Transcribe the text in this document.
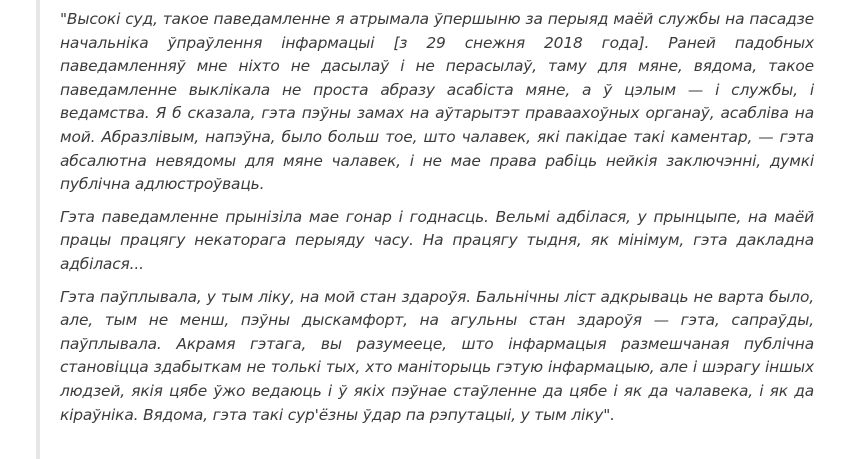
"Высокі суд, такое паведамленне я атрымала ўпершыню за перыяд маёй службы на пасадзе начальніка ўпраўлення інфармацыі [з 29 снежня 2018 года]. Раней падобных паведамленняў мне ніхто не дасылаў і не перасылаў, таму для мяне, вядома, такое паведамленне выклікала не проста абразу асабіста мяне, а ў цэлым — і службы, і ведамства. Я б сказала, гэта пэўны замах на аўтарытэт праваахоўных органаў, асабліва на мой. Абразлівым, напэўна, было больш тое, што чалавек, які пакідае такі каментар, — гэта абсалютна невядомы для мяне чалавек, і не мае права рабіць нейкія заключэнні, думкі публічна адлюстроўваць.

Гэта паведамленне прынізіла мае гонар і годнасць. Вельмі адбілася, у прынцыпе, на маёй працы працягу некаторага перыяду часу. На працягу тыдня, як мінімум, гэта дакладна адбілася...

Гэта паўплывала, у тым ліку, на мой стан здароўя. Бальнічны ліст адкрываць не варта было, але, тым не менш, пэўны дыскамфорт, на агульны стан здароўя — гэта, сапраўды, паўплывала. Акрамя гэтага, вы разумееце, што інфармацыя размешчаная публічна становіцца здабыткам не толькі тых, хто маніторыць гэтую інфармацыю, але і шэрагу іншых людзей, якія цябе ўжо ведаюць і ў якіх пэўнае стаўленне да цябе і як да чалавека, і як да кіраўніка. Вядома, гэта такі сур'ёзны ўдар па рэпутацыі, у тым ліку".
